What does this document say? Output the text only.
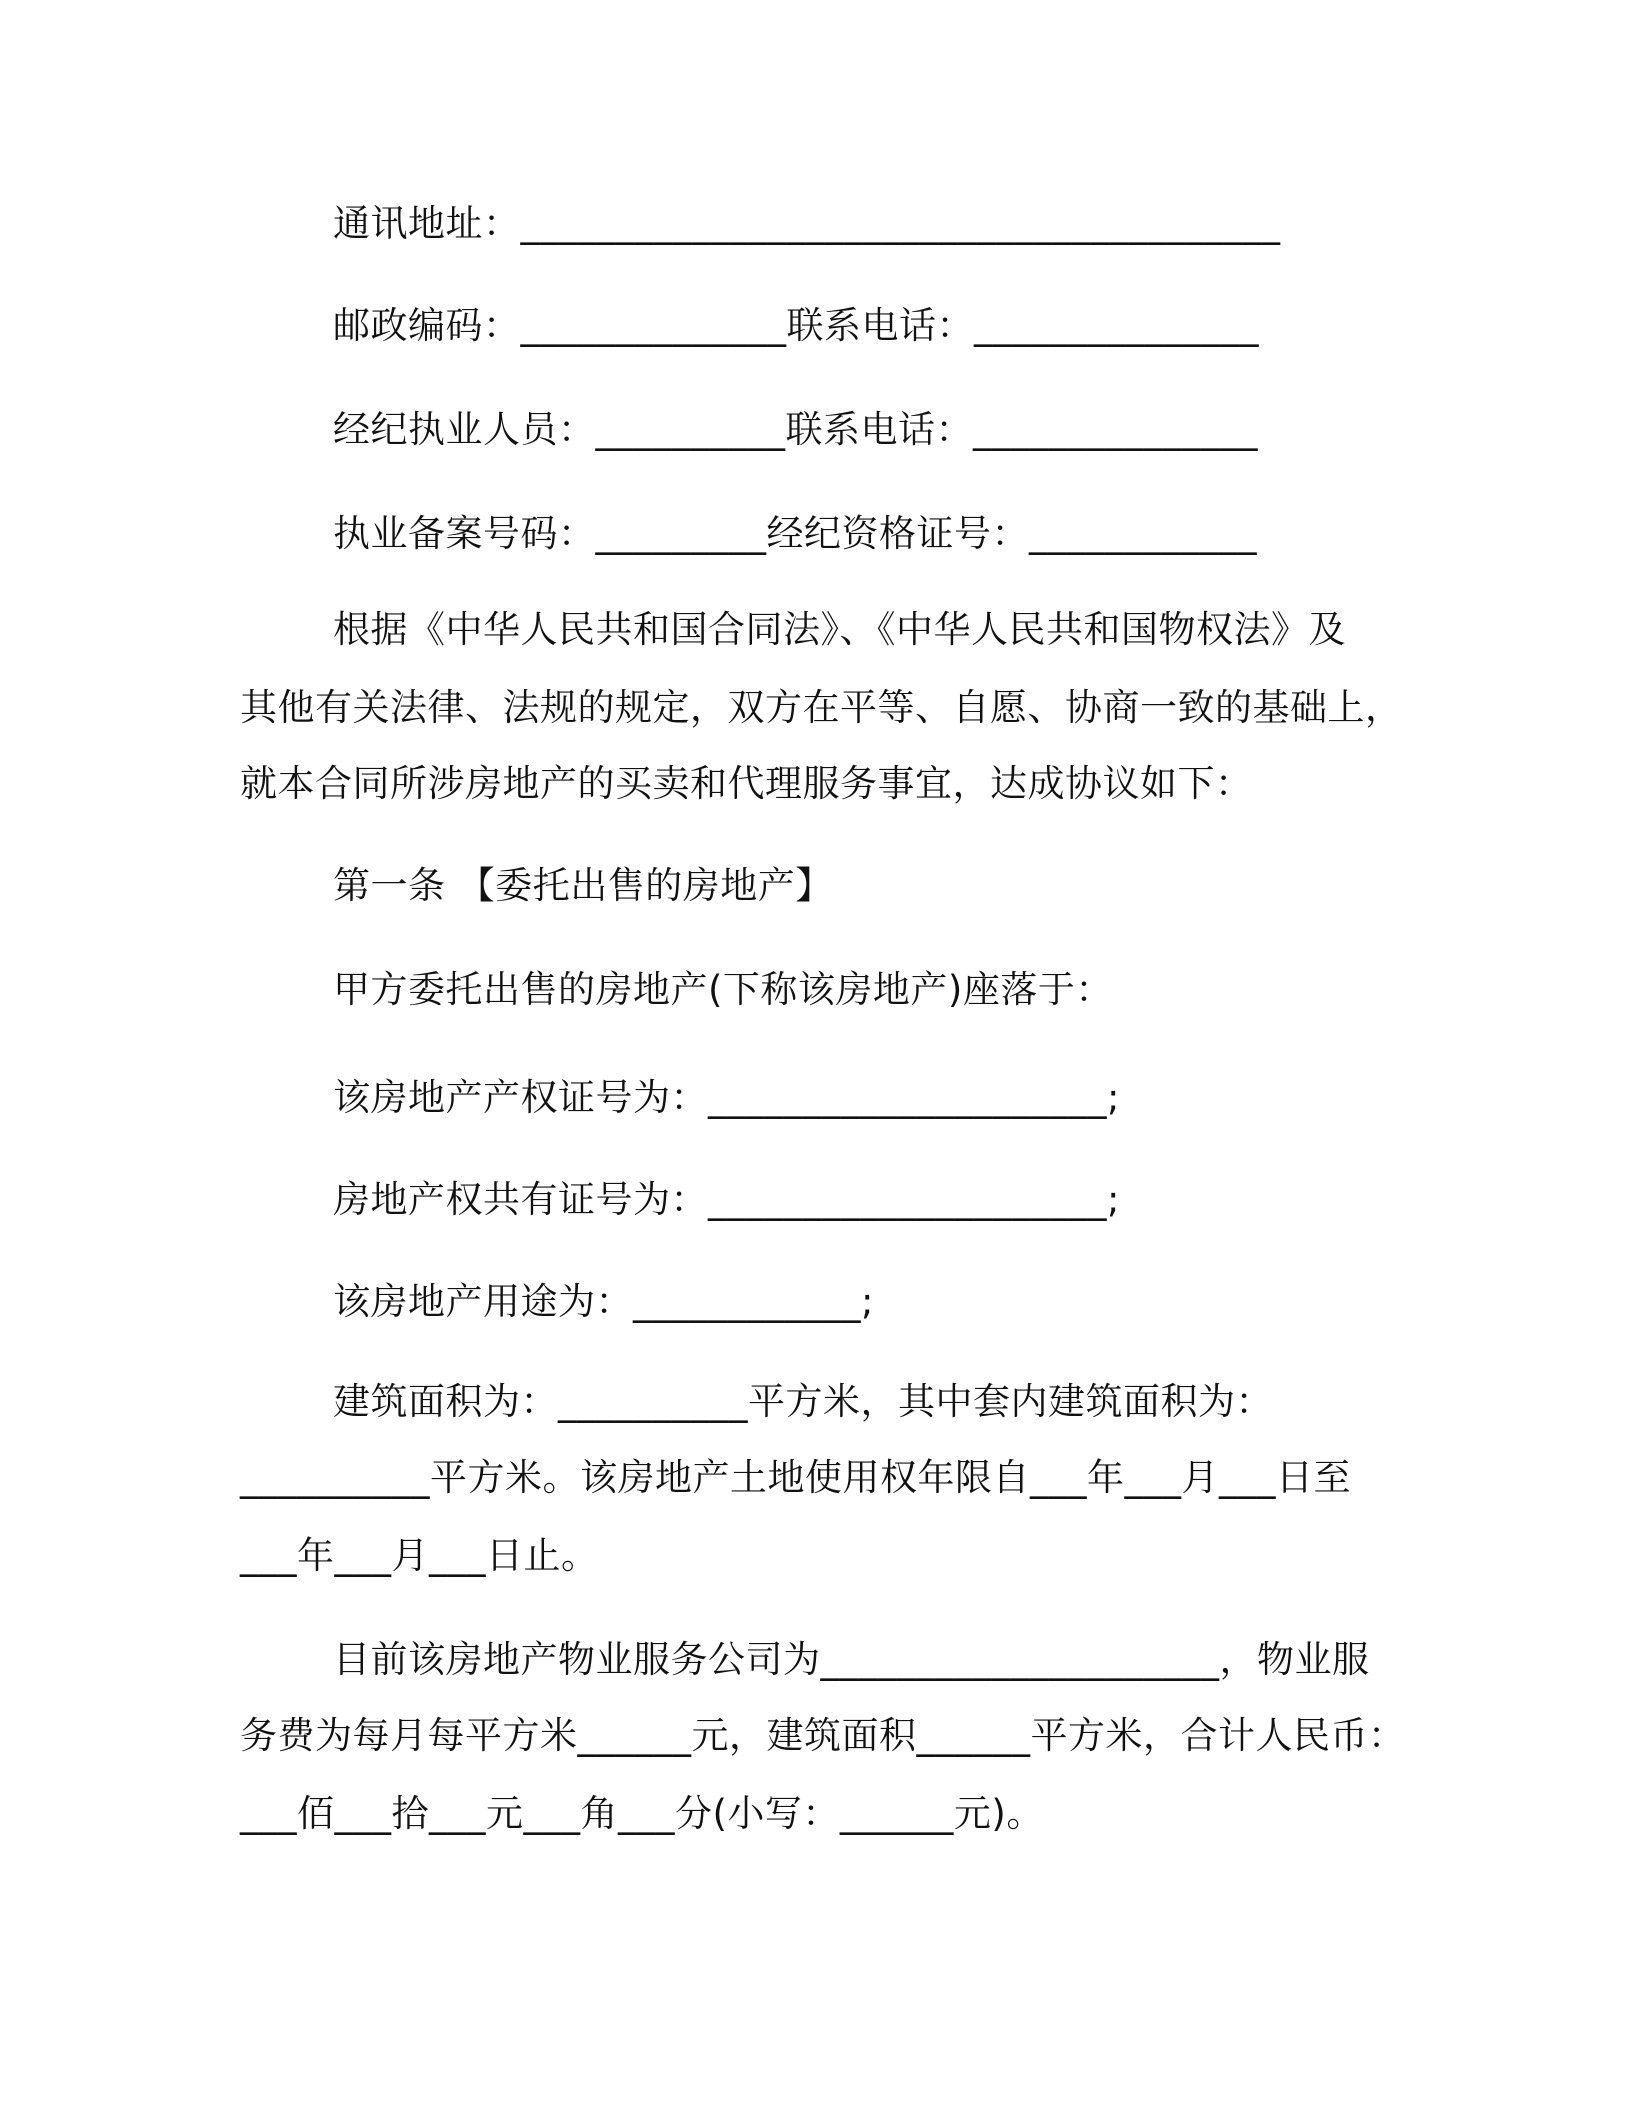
通讯地址：________________________________________
邮政编码：______________联系电话：_______________
经纪执业人员：__________联系电话：_______________
执业备案号码：_________经纪资格证号：____________
根据《中华人民共和国合同法》、《中华人民共和国物权法》及
其他有关法律、法规的规定，双方在平等、自愿、协商一致的基础上，
就本合同所涉房地产的买卖和代理服务事宜，达成协议如下：
第一条 【委托出售的房地产】
甲方委托出售的房地产(下称该房地产)座落于：
该房地产产权证号为：_____________________;
房地产权共有证号为：_____________________;
该房地产用途为：____________;
建筑面积为：__________平方米，其中套内建筑面积为：
__________平方米。该房地产土地使用权年限自___年___月___日至
___年___月___日止。
目前该房地产物业服务公司为_____________________，物业服
务费为每月每平方米______元，建筑面积______平方米，合计人民币：
___佰___拾___元___角___分(小写：______元)。
